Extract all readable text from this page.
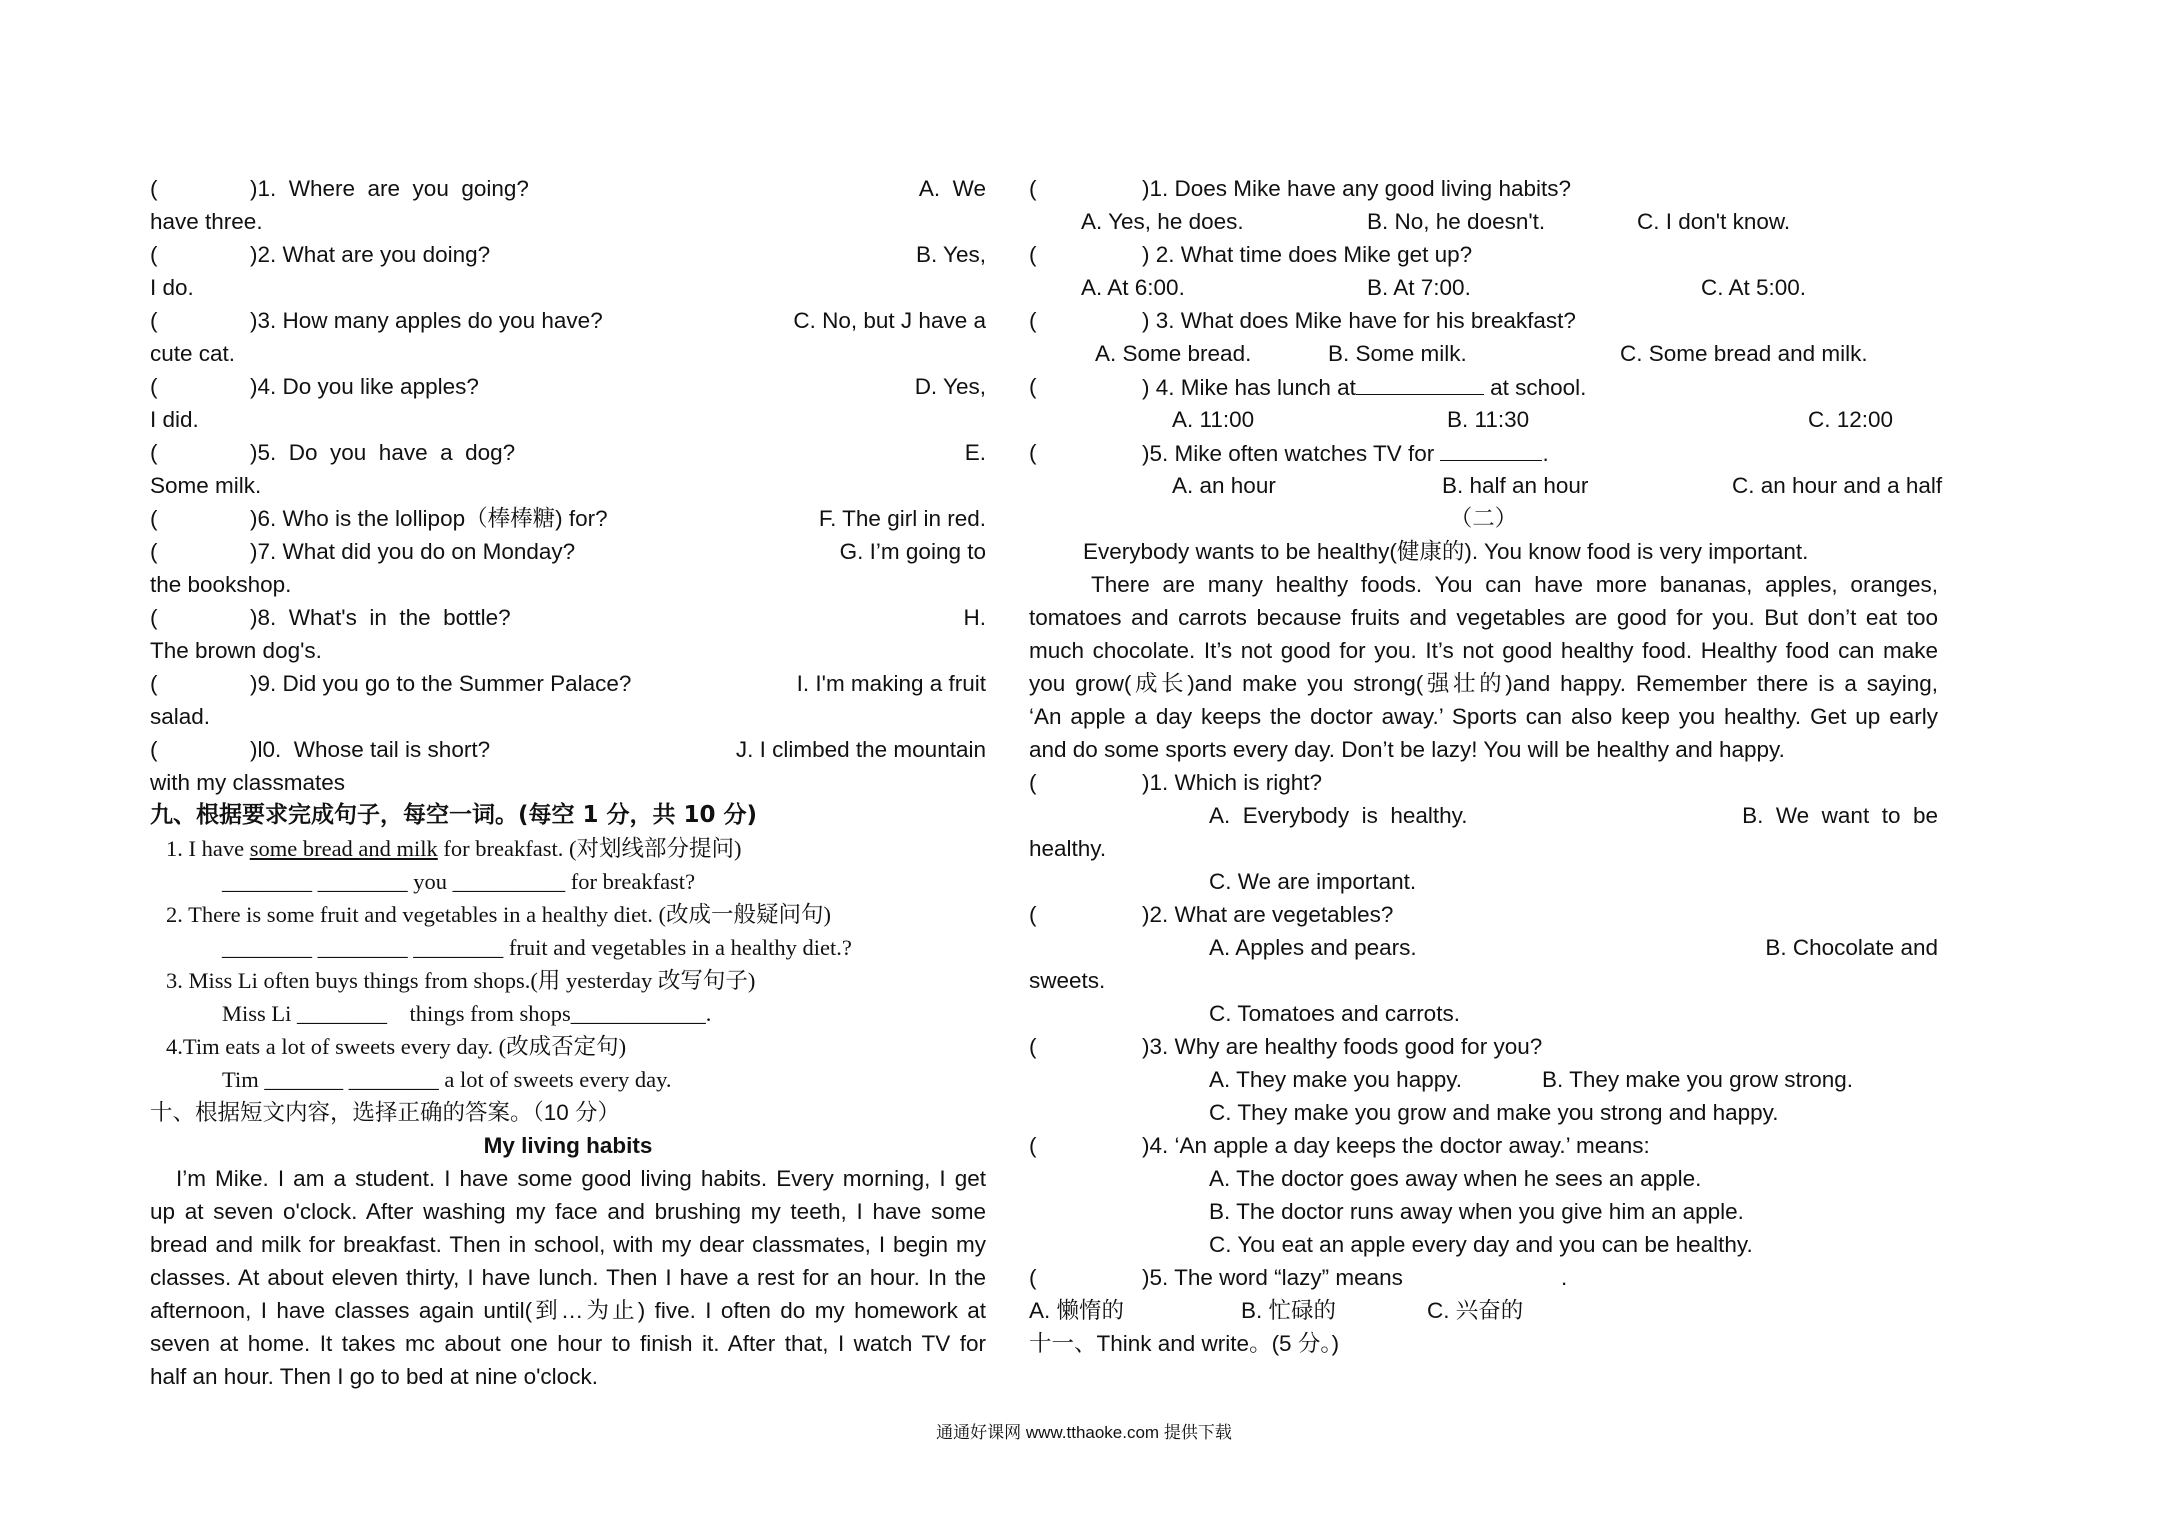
(	)1.  Where  are  you  going?	A.  We
have three.
(	)2. What are you doing?	B. Yes,
I do.
(	)3. How many apples do you have?	C. No, but J have a
cute cat.
(	)4. Do you like apples?	D. Yes,
I did.
(	)5.  Do  you  have  a  dog?	E.
Some milk.
(	)6. Who is the lollipop（棒棒糖) for?	F. The girl in red.
(	)7. What did you do on Monday?	G. I’m going to
the bookshop.
(	)8.  What's  in  the  bottle?	H.
The brown dog's.
(	)9. Did you go to the Summer Palace?	I. I'm making a fruit
salad.
(	)l0.  Whose tail is short?	J. I climbed the mountain
with my classmates
九、根据要求完成句子，每空一词。(每空 1 分，共 10 分)
1. I have some bread and milk for breakfast. (对划线部分提问)
________ ________ you __________ for breakfast?
2. There is some fruit and vegetables in a healthy diet. (改成一般疑问句)
________ ________ ________ fruit and vegetables in a healthy diet.?
3. Miss Li often buys things from shops.(用 yesterday 改写句子)
Miss Li ________    things from shops____________.
4.Tim eats a lot of sweets every day. (改成否定句)
Tim _______ ________ a lot of sweets every day.
十、根据短文内容，选择正确的答案。（10 分）
My living habits
I’m Mike. I am a student. I have some good living habits. Every morning, I get
up at seven o'clock. After washing my face and brushing my teeth, I have some
bread and milk for breakfast. Then in school, with my dear classmates, I begin my
classes. At about eleven thirty, I have lunch. Then I have a rest for an hour. In the
afternoon, I have classes again until(到…为止) five. I often do my homework at
seven at home. It takes mc about one hour to finish it. After that, I watch TV for
half an hour. Then I go to bed at nine o'clock.
(	)1. Does Mike have any good living habits?
A. Yes, he does.	B. No, he doesn't.	C. I don't know.
(	) 2. What time does Mike get up?
A. At 6:00.	B. At 7:00.	C. At 5:00.
(	) 3. What does Mike have for his breakfast?
A. Some bread.	B. Some milk.	C. Some bread and milk.
(	) 4. Mike has lunch at	at school.
A. 11:00	B. 11:30	C. 12:00
(	)5. Mike often watches TV for	.
A. an hour	B. half an hour	C. an hour and a half
（二）
Everybody wants to be healthy(健康的). You know food is very important.
There are many healthy foods. You can have more bananas, apples, oranges,
tomatoes and carrots because fruits and vegetables are good for you. But don’t eat too
much chocolate. It’s not good for you. It’s not good healthy food. Healthy food can make
you grow(成长)and make you strong(强壮的)and happy. Remember there is a saying,
‘An apple a day keeps the doctor away.’ Sports can also keep you healthy. Get up early
and do some sports every day. Don’t be lazy! You will be healthy and happy.
(	)1. Which is right?
A.  Everybody  is  healthy.	B.  We  want  to  be
healthy.
C. We are important.
(	)2. What are vegetables?
A. Apples and pears.	B. Chocolate and
sweets.
C. Tomatoes and carrots.
(	)3. Why are healthy foods good for you?
A. They make you happy.	B. They make you grow strong.
C. They make you grow and make you strong and happy.
(	)4. ‘An apple a day keeps the doctor away.’ means:
A. The doctor goes away when he sees an apple.
B. The doctor runs away when you give him an apple.
C. You eat an apple every day and you can be healthy.
(	)5. The word “lazy” means	.
A. 懒惰的	B. 忙碌的	C. 兴奋的
十一、Think and write。(5 分。)
通通好课网 www.tthaoke.com 提供下载
